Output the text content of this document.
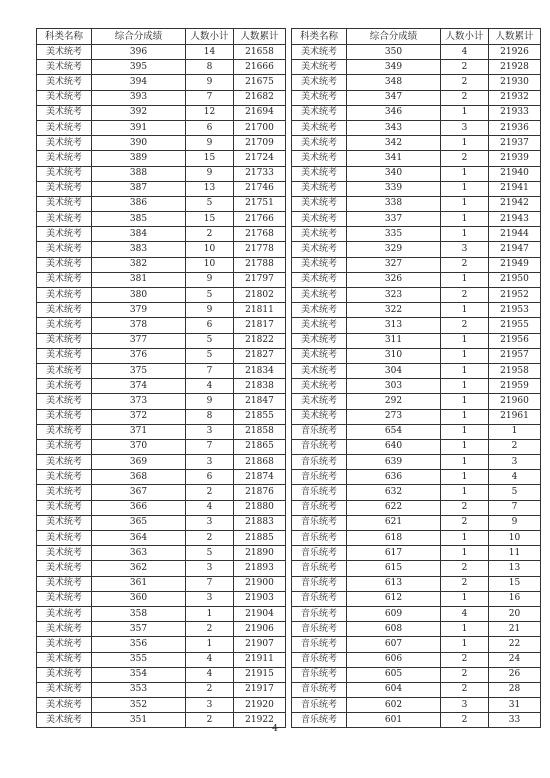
科类名称	综合分成绩	人数小计	人数累计
美术统考	396	14	21658
美术统考	395	8	21666
美术统考	394	9	21675
美术统考	393	7	21682
美术统考	392	12	21694
美术统考	391	6	21700
美术统考	390	9	21709
美术统考	389	15	21724
美术统考	388	9	21733
美术统考	387	13	21746
美术统考	386	5	21751
美术统考	385	15	21766
美术统考	384	2	21768
美术统考	383	10	21778
美术统考	382	10	21788
美术统考	381	9	21797
美术统考	380	5	21802
美术统考	379	9	21811
美术统考	378	6	21817
美术统考	377	5	21822
美术统考	376	5	21827
美术统考	375	7	21834
美术统考	374	4	21838
美术统考	373	9	21847
美术统考	372	8	21855
美术统考	371	3	21858
美术统考	370	7	21865
美术统考	369	3	21868
美术统考	368	6	21874
美术统考	367	2	21876
美术统考	366	4	21880
美术统考	365	3	21883
美术统考	364	2	21885
美术统考	363	5	21890
美术统考	362	3	21893
美术统考	361	7	21900
美术统考	360	3	21903
美术统考	358	1	21904
美术统考	357	2	21906
美术统考	356	1	21907
美术统考	355	4	21911
美术统考	354	4	21915
美术统考	353	2	21917
美术统考	352	3	21920
美术统考	351	2	21922
科类名称	综合分成绩	人数小计	人数累计
美术统考	350	4	21926
美术统考	349	2	21928
美术统考	348	2	21930
美术统考	347	2	21932
美术统考	346	1	21933
美术统考	343	3	21936
美术统考	342	1	21937
美术统考	341	2	21939
美术统考	340	1	21940
美术统考	339	1	21941
美术统考	338	1	21942
美术统考	337	1	21943
美术统考	335	1	21944
美术统考	329	3	21947
美术统考	327	2	21949
美术统考	326	1	21950
美术统考	323	2	21952
美术统考	322	1	21953
美术统考	313	2	21955
美术统考	311	1	21956
美术统考	310	1	21957
美术统考	304	1	21958
美术统考	303	1	21959
美术统考	292	1	21960
美术统考	273	1	21961
音乐统考	654	1	1
音乐统考	640	1	2
音乐统考	639	1	3
音乐统考	636	1	4
音乐统考	632	1	5
音乐统考	622	2	7
音乐统考	621	2	9
音乐统考	618	1	10
音乐统考	617	1	11
音乐统考	615	2	13
音乐统考	613	2	15
音乐统考	612	1	16
音乐统考	609	4	20
音乐统考	608	1	21
音乐统考	607	1	22
音乐统考	606	2	24
音乐统考	605	2	26
音乐统考	604	2	28
音乐统考	602	3	31
音乐统考	601	2	33
4
